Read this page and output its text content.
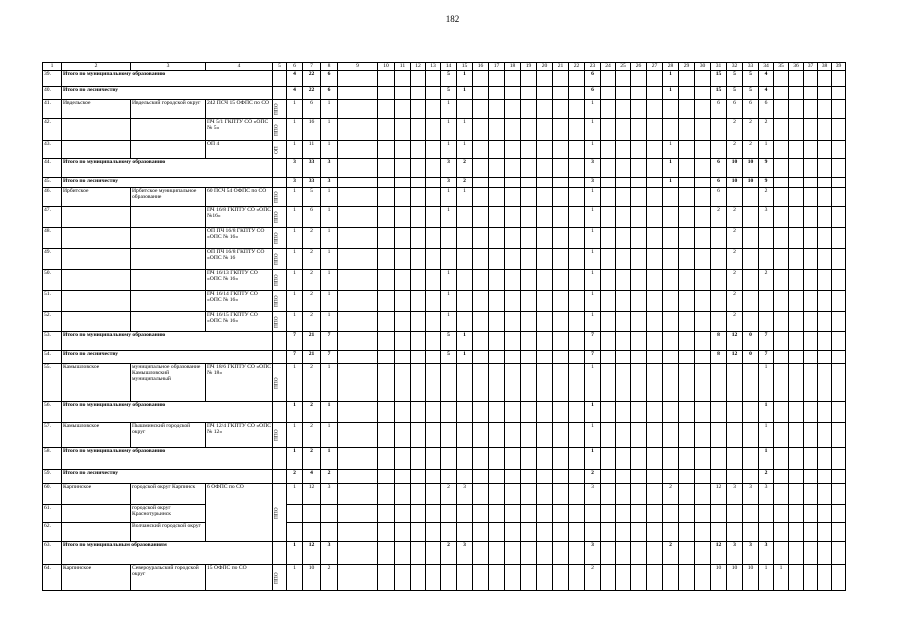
182
1	2	3	4	5	6	7	8	9	10	11	12	13	14	15	16	17	18	19	20	21	22	23	24	25	26	27	28	29	30	31	32	33	34	35	36	37	38	39
39.	Итого по муниципальному образованию				4	22	6						5	1								6					1			15	5	5	4					
40.	Итого по лесничеству				4	22	6						5	1								6					1			15	5	5	4					
41.	Ивдельское	Ивдельский городской округ	242 ПСЧ 15 ОФПС по СО	ППО	1	6	1						1									1								6	6	6	6					
42.			ПЧ 5/1 ГКПТУ СО «ОПС № 5»	ППО	1	16	1						1	1								1									2	2	2					
43.			ОП 4	ОП	1	11	1						1	1								1					1				2	2	1					
44.	Итого по муниципальному образованию				3	33	3						3	2								3					1			6	10	10	9					
45.	Итого по лесничеству				3	33	3						3	2								3					1			6	10	10	9					
46.	Ирбитское	Ирбитское муниципальное образование	60 ПСЧ 54 ОФПС по СО	ППО	1	5	1						1	1								1								6			2					
47.			ПЧ 16/8 ГКПТУ СО «ОПС №16»	ППО	1	6	1						1									1								2	2		3					
48.			ОП ПЧ 16/8 ГКПТУ СО «ОПС № 16»	ППО	1	2	1															1									2							
49.			ОП ПЧ 16/8 ГКПТУ СО «ОПС № 16	ППО	1	2	1															1									2							
50.			ПЧ 16/13 ГКПТУ СО «ОПС № 16»	ППО	1	2	1						1									1									2		2					
51.			ПЧ 16/14 ГКПТУ СО «ОПС № 16»	ППО	1	2	1						1									1									2							
52.			ПЧ 16/15 ГКПТУ СО «ОПС № 16»	ППО	1	2	1						1									1									2							
53.	Итого по муниципальному образованию				7	21	7						5	1								7								8	12	0	7					
54.	Итого по лесничеству				7	21	7						5	1								7								8	12	0	7					
55.	Камышловское	муниципальное образование Камышловский муниципальный	ПЧ 18/6 ГКПТУ СО «ОПС № 18»	ППО	1	2	1															1											1					
56.	Итого по муниципальному образованию				1	2	1															1											1					
57.	Камышловское	Пышминский городской округ	ПЧ 12/4 ГКПТУ СО «ОПС № 12»	ППО	1	2	1															1											1					
58.	Итого по муниципальному образованию				1	2	1															1											1					
59.	Итого по лесничеству				2	4	2															2											2					
60.	Карпинское	городской округ Карпинск	6 ОФПС по СО	ППО	1	12	3						2	3								3					2			12	3	3	3					
61.		городской округ Краснотурьинск																																				
62.		Волчанский городской округ																																				
63.	Итого по муниципальным образованиям				1	12	3						2	3								3					2			12	3	3	3					
64.	Карпинское	Североуральский городской округ	15 ОФПС по СО	ППО	1	10	2															2								10	10	10	1	1				
